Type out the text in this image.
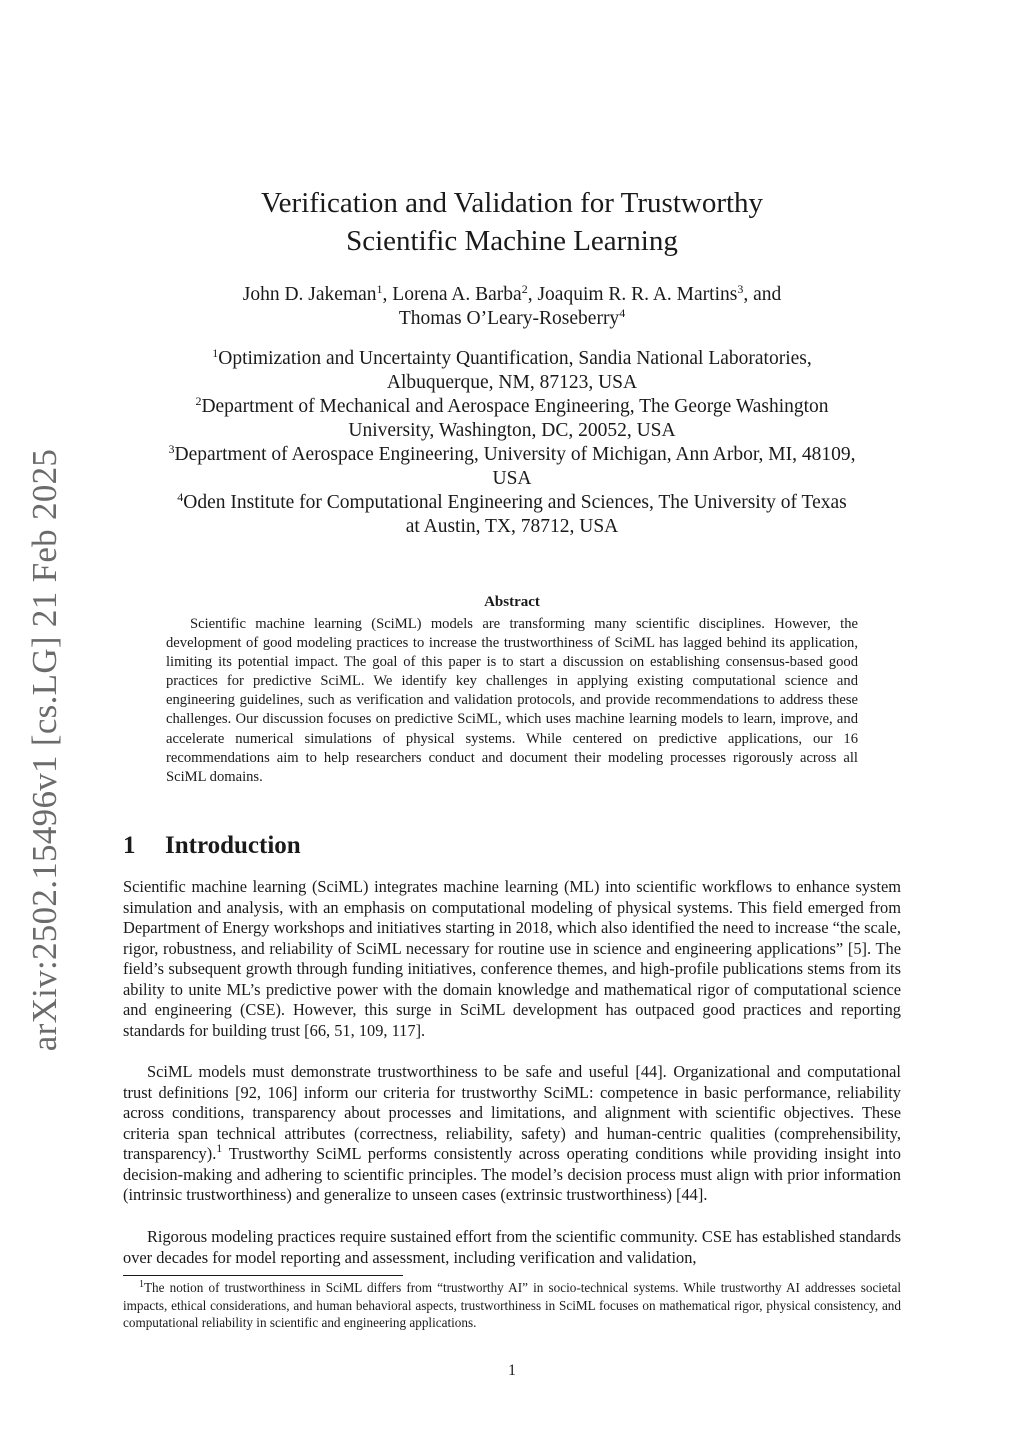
arXiv:2502.15496v1 [cs.LG] 21 Feb 2025
Verification and Validation for Trustworthy
Scientific Machine Learning
John D. Jakeman$^1$, Lorena A. Barba$^2$, Joaquim R. R. A. Martins$^3$, and
Thomas O’Leary-Roseberry$^4$
$^1$Optimization and Uncertainty Quantification, Sandia National Laboratories,
Albuquerque, NM, 87123, USA
$^2$Department of Mechanical and Aerospace Engineering, The George Washington
University, Washington, DC, 20052, USA
$^3$Department of Aerospace Engineering, University of Michigan, Ann Arbor, MI, 48109,
USA
$^4$Oden Institute for Computational Engineering and Sciences, The University of Texas
at Austin, TX, 78712, USA
Abstract

Scientific machine learning (SciML) models are transforming many scientific disciplines. However, the development of good modeling practices to increase the trustworthiness of SciML has lagged behind its application, limiting its potential impact. The goal of this paper is to start a discussion on establishing consensus-based good practices for predictive SciML. We identify key challenges in applying existing computational science and engineering guidelines, such as verification and validation protocols, and provide recommendations to address these challenges. Our discussion focuses on predictive SciML, which uses machine learning models to learn, improve, and accelerate numerical simulations of physical systems. While centered on predictive applications, our 16 recommendations aim to help researchers conduct and document their modeling processes rigorously across all SciML domains.

1 Introduction

Scientific machine learning (SciML) integrates machine learning (ML) into scientific workflows to enhance system simulation and analysis, with an emphasis on computational modeling of physical systems. This field emerged from Department of Energy workshops and initiatives starting in 2018, which also identified the need to increase “the scale, rigor, robustness, and reliability of SciML necessary for routine use in science and engineering applications” [5]. The field’s subsequent growth through funding initiatives, conference themes, and high-profile publications stems from its ability to unite ML’s predictive power with the domain knowledge and mathematical rigor of computational science and engineering (CSE). However, this surge in SciML development has outpaced good practices and reporting standards for building trust [66, 51, 109, 117].

SciML models must demonstrate trustworthiness to be safe and useful [44]. Organizational and computational trust definitions [92, 106] inform our criteria for trustworthy SciML: competence in basic performance, reliability across conditions, transparency about processes and limitations, and alignment with scientific objectives. These criteria span technical attributes (correctness, reliability, safety) and human-centric qualities (comprehensibility, transparency).$^1$ Trustworthy SciML performs consistently across operating conditions while providing insight into decision-making and adhering to scientific principles. The model’s decision process must align with prior information (intrinsic trustworthiness) and generalize to unseen cases (extrinsic trustworthiness) [44].

Rigorous modeling practices require sustained effort from the scientific community. CSE has established standards over decades for model reporting and assessment, including verification and validation,

$^1$The notion of trustworthiness in SciML differs from “trustworthy AI” in socio-technical systems. While trustworthy AI addresses societal impacts, ethical considerations, and human behavioral aspects, trustworthiness in SciML focuses on mathematical rigor, physical consistency, and computational reliability in scientific and engineering applications.

1
